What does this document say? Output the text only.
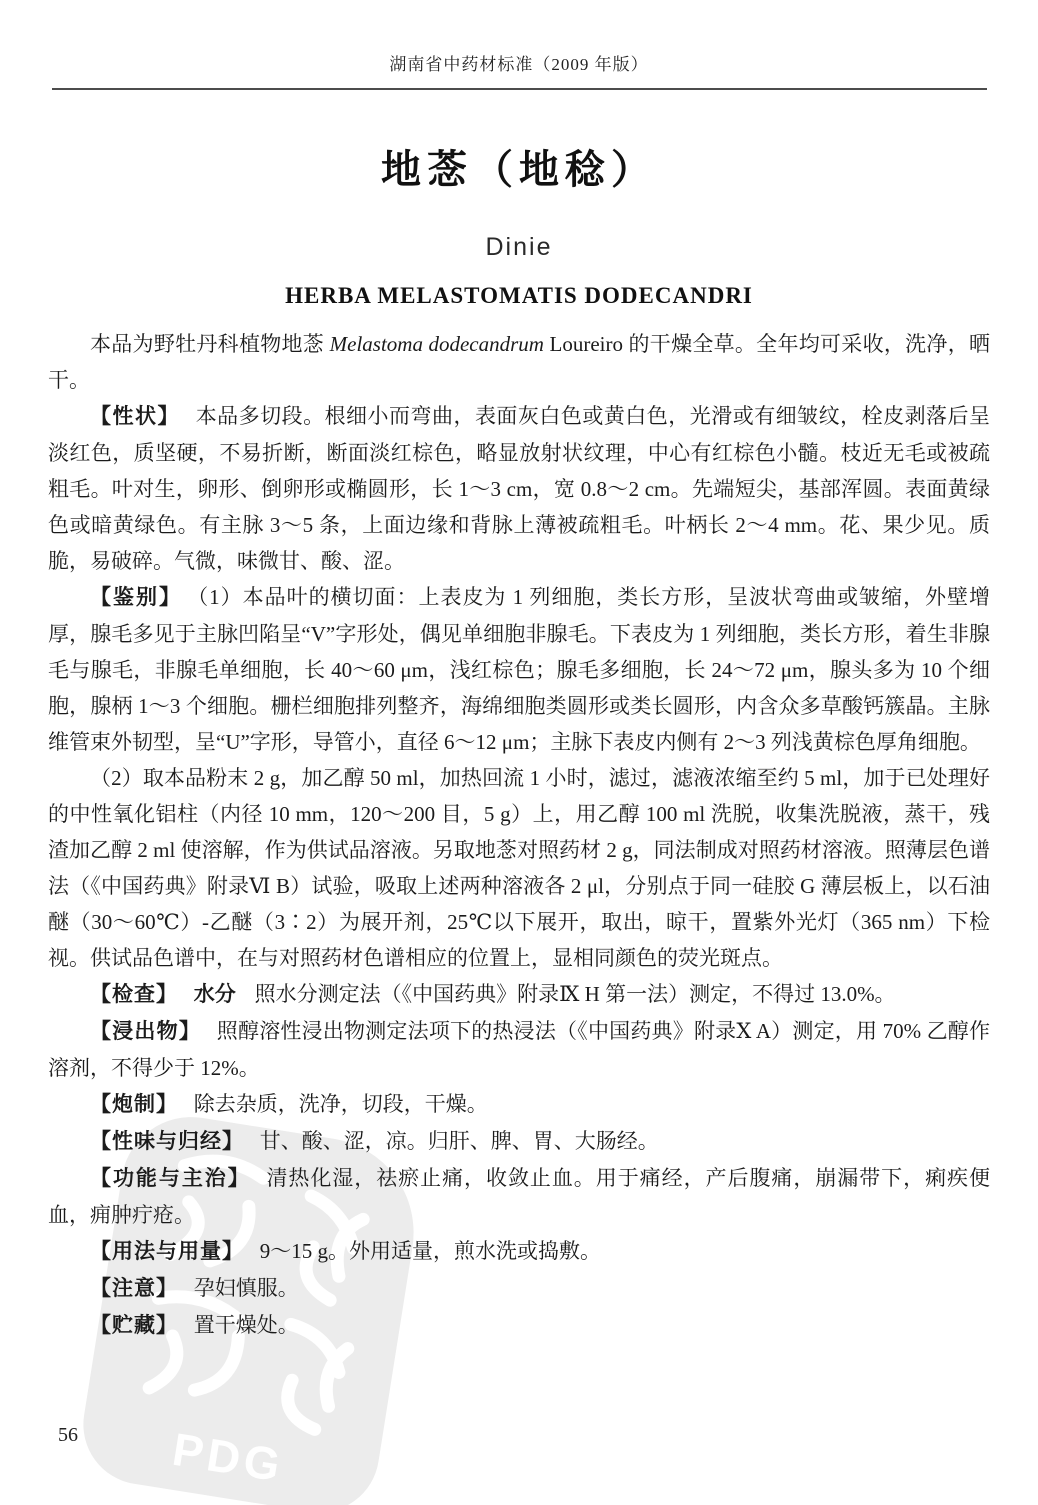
PDG
湖南省中药材标准（2009 年版）
地菍（地稔）
Dinie
HERBA MELASTOMATIS DODECANDRI

本品为野牡丹科植物地菍 Melastoma dodecandrum Loureiro 的干燥全草。全年均可采收，洗净，晒干。

【性状】 本品多切段。根细小而弯曲，表面灰白色或黄白色，光滑或有细皱纹，栓皮剥落后呈淡红色，质坚硬，不易折断，断面淡红棕色，略显放射状纹理，中心有红棕色小髓。枝近无毛或被疏粗毛。叶对生，卵形、倒卵形或椭圆形，长 1～3 cm，宽 0.8～2 cm。先端短尖，基部浑圆。表面黄绿色或暗黄绿色。有主脉 3～5 条，上面边缘和背脉上薄被疏粗毛。叶柄长 2～4 mm。花、果少见。质脆，易破碎。气微，味微甘、酸、涩。

【鉴别】 （1）本品叶的横切面：上表皮为 1 列细胞，类长方形，呈波状弯曲或皱缩，外壁增厚，腺毛多见于主脉凹陷呈“V”字形处，偶见单细胞非腺毛。下表皮为 1 列细胞，类长方形，着生非腺毛与腺毛，非腺毛单细胞，长 40～60 μm，浅红棕色；腺毛多细胞，长 24～72 μm，腺头多为 10 个细胞，腺柄 1～3 个细胞。栅栏细胞排列整齐，海绵细胞类圆形或类长圆形，内含众多草酸钙簇晶。主脉维管束外韧型，呈“U”字形，导管小，直径 6～12 μm；主脉下表皮内侧有 2～3 列浅黄棕色厚角细胞。

（2）取本品粉末 2 g，加乙醇 50 ml，加热回流 1 小时，滤过，滤液浓缩至约 5 ml，加于已处理好的中性氧化铝柱（内径 10 mm，120～200 目，5 g）上，用乙醇 100 ml 洗脱，收集洗脱液，蒸干，残渣加乙醇 2 ml 使溶解，作为供试品溶液。另取地菍对照药材 2 g，同法制成对照药材溶液。照薄层色谱法（《中国药典》附录Ⅵ B）试验，吸取上述两种溶液各 2 μl，分别点于同一硅胶 G 薄层板上，以石油醚（30～60℃）-乙醚（3∶2）为展开剂，25℃以下展开，取出，晾干，置紫外光灯（365 nm）下检视。供试品色谱中，在与对照药材色谱相应的位置上，显相同颜色的荧光斑点。

【检查】 水分 照水分测定法（《中国药典》附录Ⅸ H 第一法）测定，不得过 13.0%。

【浸出物】 照醇溶性浸出物测定法项下的热浸法（《中国药典》附录Ⅹ A）测定，用 70% 乙醇作溶剂，不得少于 12%。

【炮制】 除去杂质，洗净，切段，干燥。

【性味与归经】 甘、酸、涩，凉。归肝、脾、胃、大肠经。

【功能与主治】 清热化湿，祛瘀止痛，收敛止血。用于痛经，产后腹痛，崩漏带下，痢疾便血，痈肿疔疮。

【用法与用量】 9～15 g。外用适量，煎水洗或捣敷。

【注意】 孕妇慎服。

【贮藏】 置干燥处。

56
